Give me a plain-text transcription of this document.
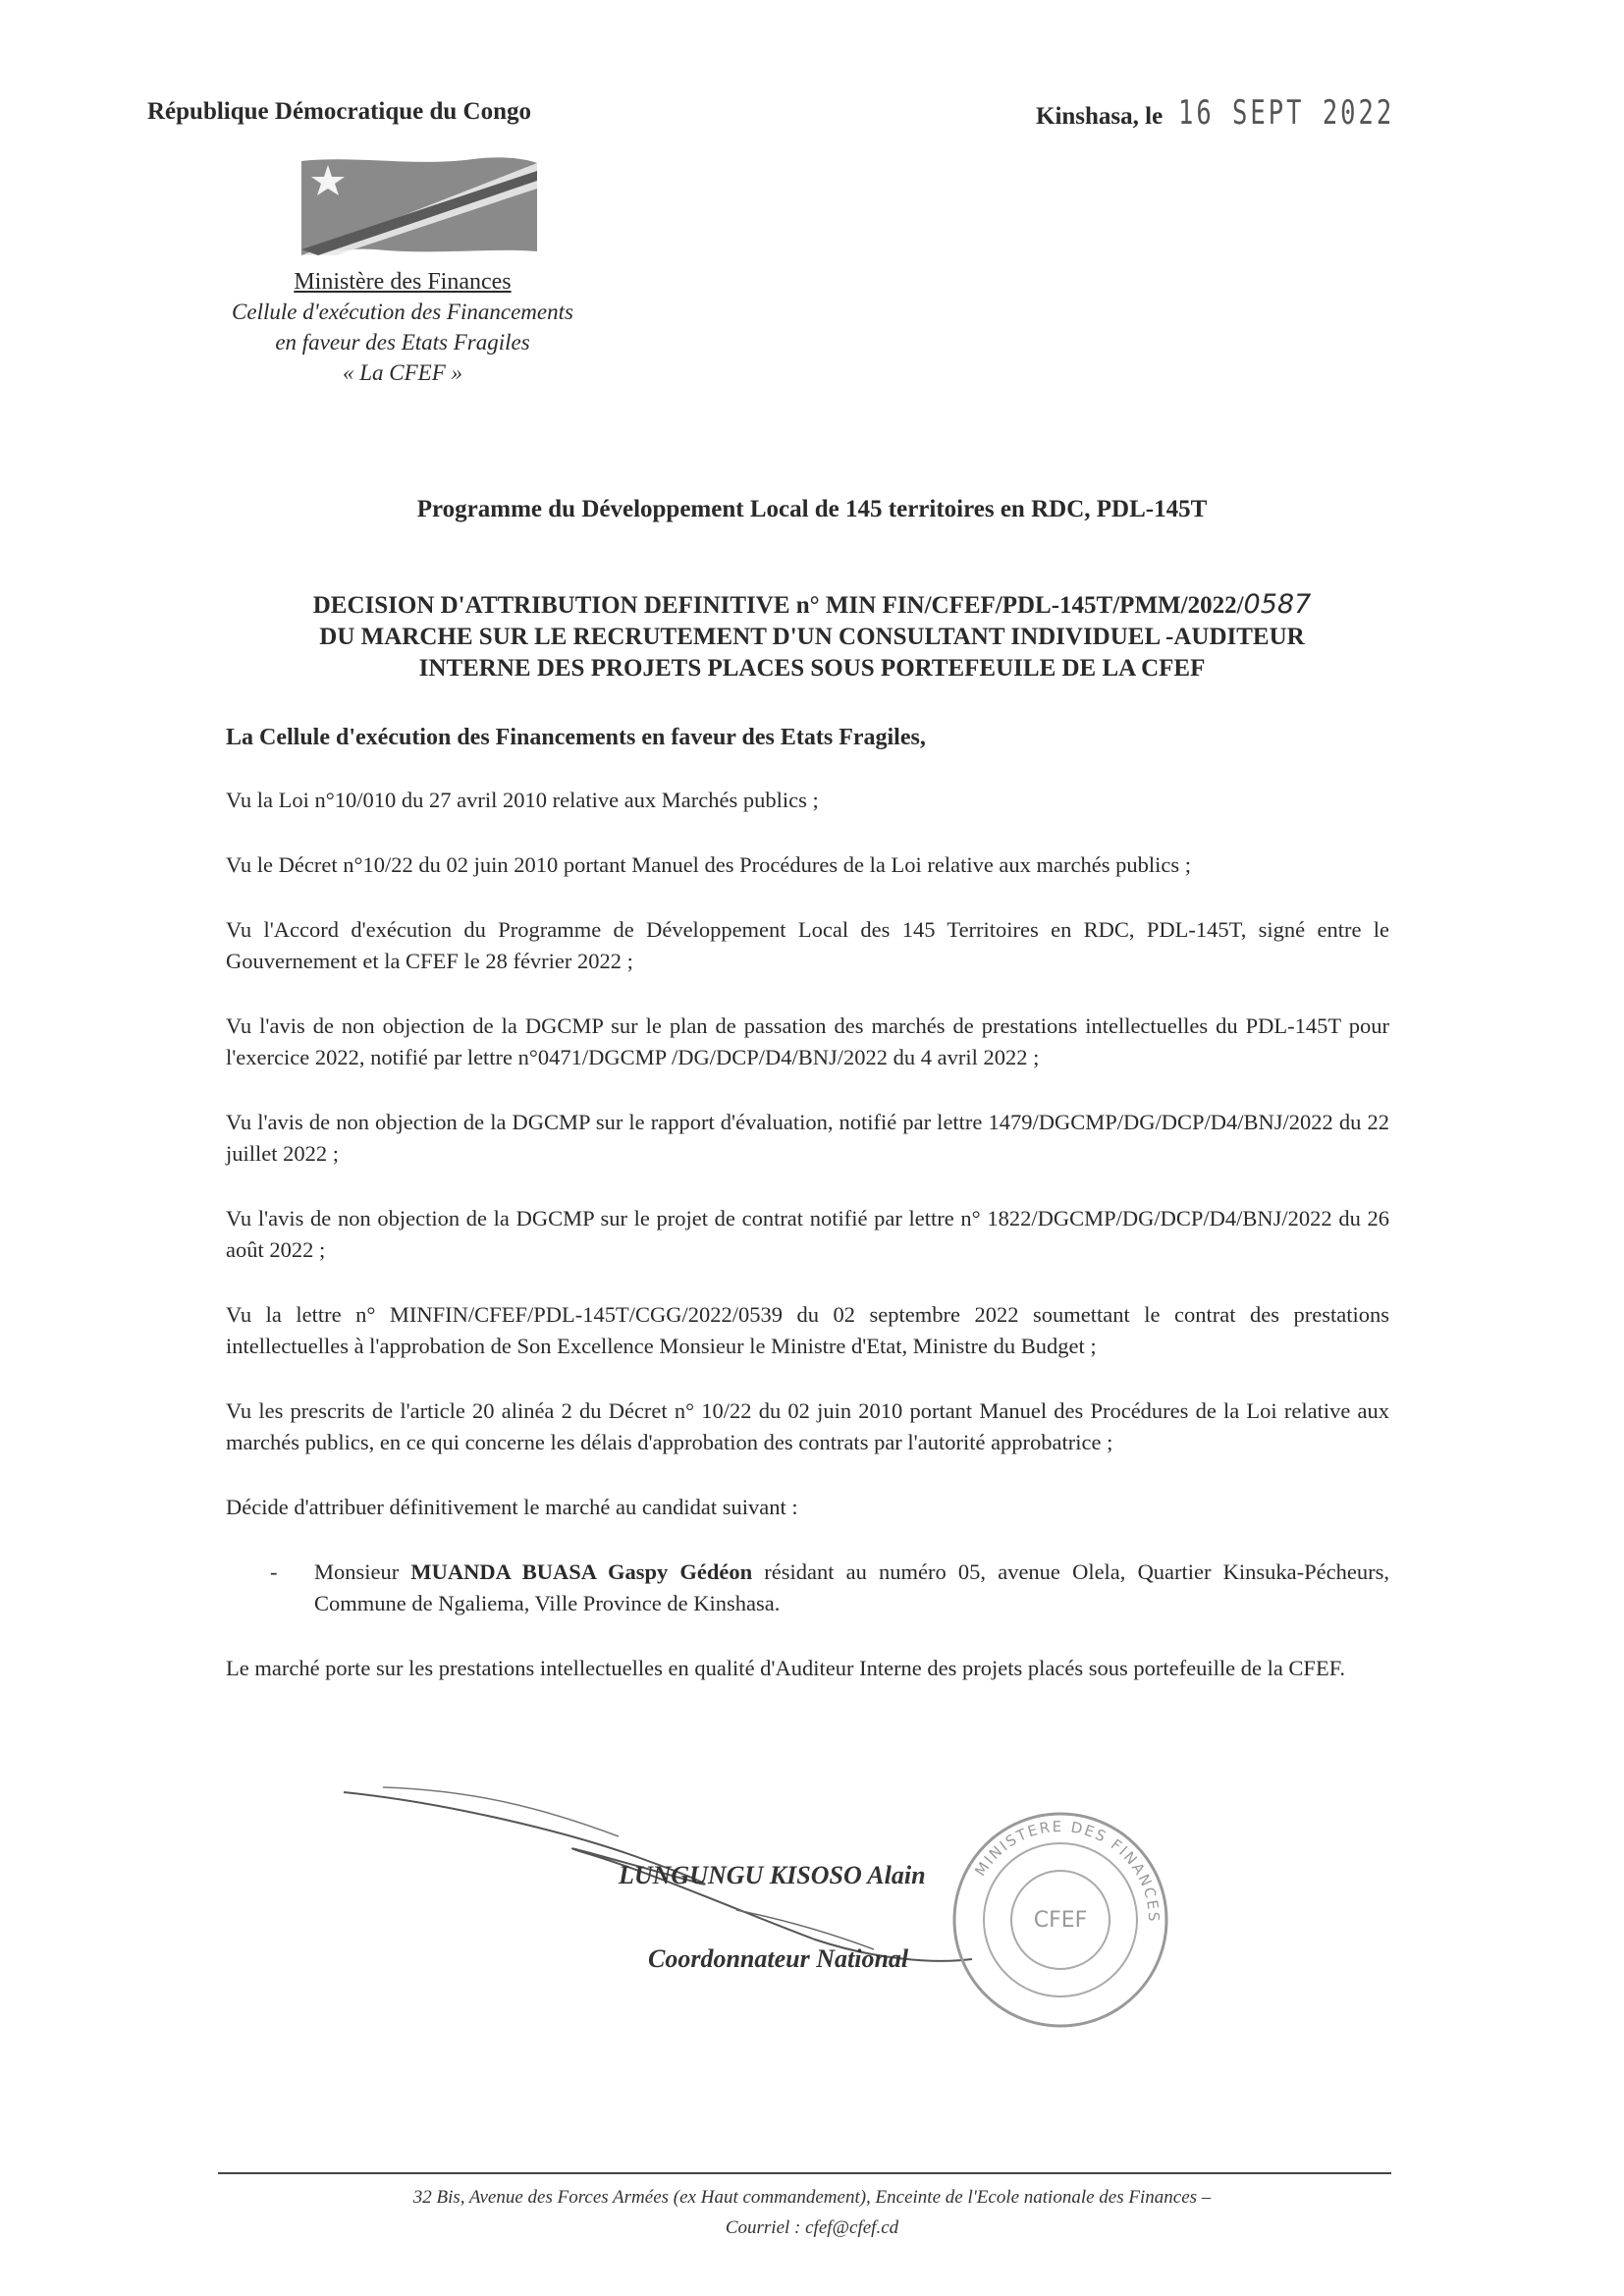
République Démocratique du Congo	Kinshasa, le 16 SEPT 2022
Ministère des Finances
Cellule d'exécution des Financements
en faveur des Etats Fragiles
« La CFEF »
Programme du Développement Local de 145 territoires en RDC, PDL-145T
DECISION D'ATTRIBUTION DEFINITIVE n° MIN FIN/CFEF/PDL-145T/PMM/2022/0587
DU MARCHE SUR LE RECRUTEMENT D'UN CONSULTANT INDIVIDUEL -AUDITEUR
INTERNE DES PROJETS PLACES SOUS PORTEFEUILE DE LA CFEF

La Cellule d'exécution des Financements en faveur des Etats Fragiles,

Vu la Loi n°10/010 du 27 avril 2010 relative aux Marchés publics ;

Vu le Décret n°10/22 du 02 juin 2010 portant Manuel des Procédures de la Loi relative aux marchés publics ;

Vu l'Accord d'exécution du Programme de Développement Local des 145 Territoires en RDC, PDL-145T, signé entre le Gouvernement et la CFEF le 28 février 2022 ;

Vu l'avis de non objection de la DGCMP sur le plan de passation des marchés de prestations intellectuelles du PDL-145T pour l'exercice 2022, notifié par lettre n°0471/DGCMP /DG/DCP/D4/BNJ/2022 du 4 avril 2022 ;

Vu l'avis de non objection de la DGCMP sur le rapport d'évaluation, notifié par lettre 1479/DGCMP/DG/DCP/D4/BNJ/2022 du 22 juillet 2022 ;

Vu l'avis de non objection de la DGCMP sur le projet de contrat notifié par lettre n° 1822/DGCMP/DG/DCP/D4/BNJ/2022 du 26 août 2022 ;

Vu la lettre n° MINFIN/CFEF/PDL-145T/CGG/2022/0539 du 02 septembre 2022 soumettant le contrat des prestations intellectuelles à l'approbation de Son Excellence Monsieur le Ministre d'Etat, Ministre du Budget ;

Vu les prescrits de l'article 20 alinéa 2 du Décret n° 10/22 du 02 juin 2010 portant Manuel des Procédures de la Loi relative aux marchés publics, en ce qui concerne les délais d'approbation des contrats par l'autorité approbatrice ;

Décide d'attribuer définitivement le marché au candidat suivant :

-	Monsieur MUANDA BUASA Gaspy Gédéon résidant au numéro 05, avenue Olela, Quartier Kinsuka-Pécheurs, Commune de Ngaliema, Ville Province de Kinshasa.

Le marché porte sur les prestations intellectuelles en qualité d'Auditeur Interne des projets placés sous portefeuille de la CFEF.

LUNGUNGU KISOSO Alain
Coordonnateur National
MINISTERE DES FINANCES
CFEF
32 Bis, Avenue des Forces Armées (ex Haut commandement), Enceinte de l'Ecole nationale des Finances –
Courriel : cfef@cfef.cd
